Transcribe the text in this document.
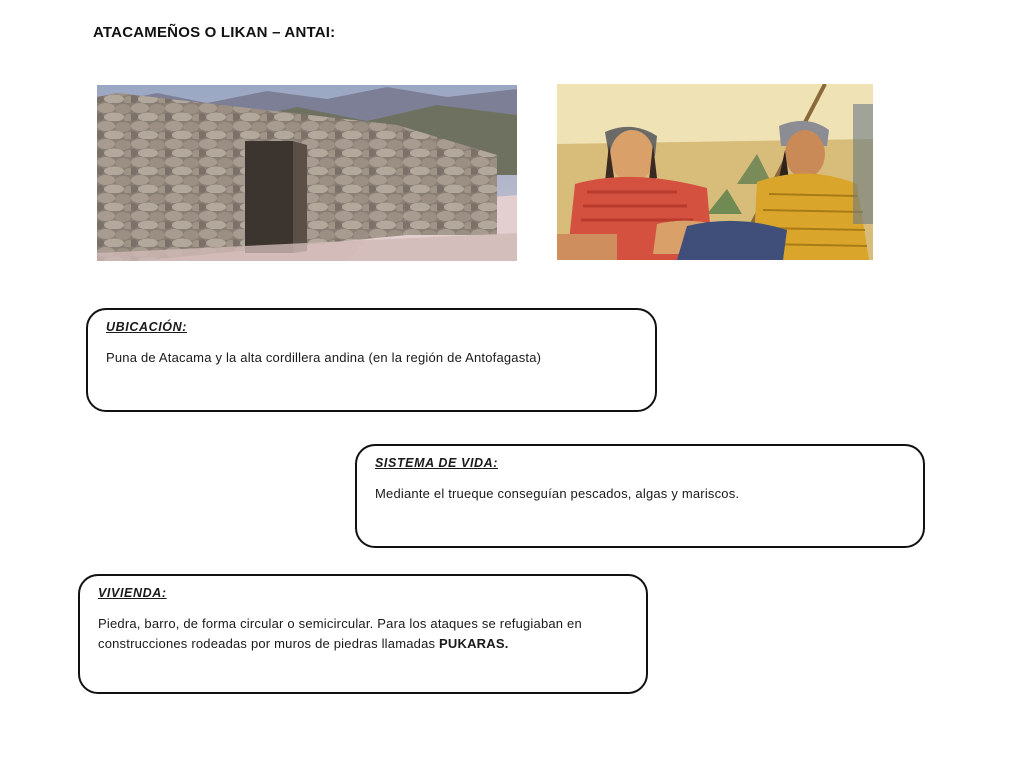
ATACAMEÑOS O LIKAN – ANTAI:

UBICACIÓN:

Puna de Atacama y la alta cordillera andina (en la región de Antofagasta)

SISTEMA DE VIDA:

Mediante el trueque conseguían pescados, algas y mariscos.

VIVIENDA:

Piedra, barro, de forma circular o semicircular. Para los ataques se refugiaban en construcciones rodeadas por muros de piedras llamadas PUKARAS.
